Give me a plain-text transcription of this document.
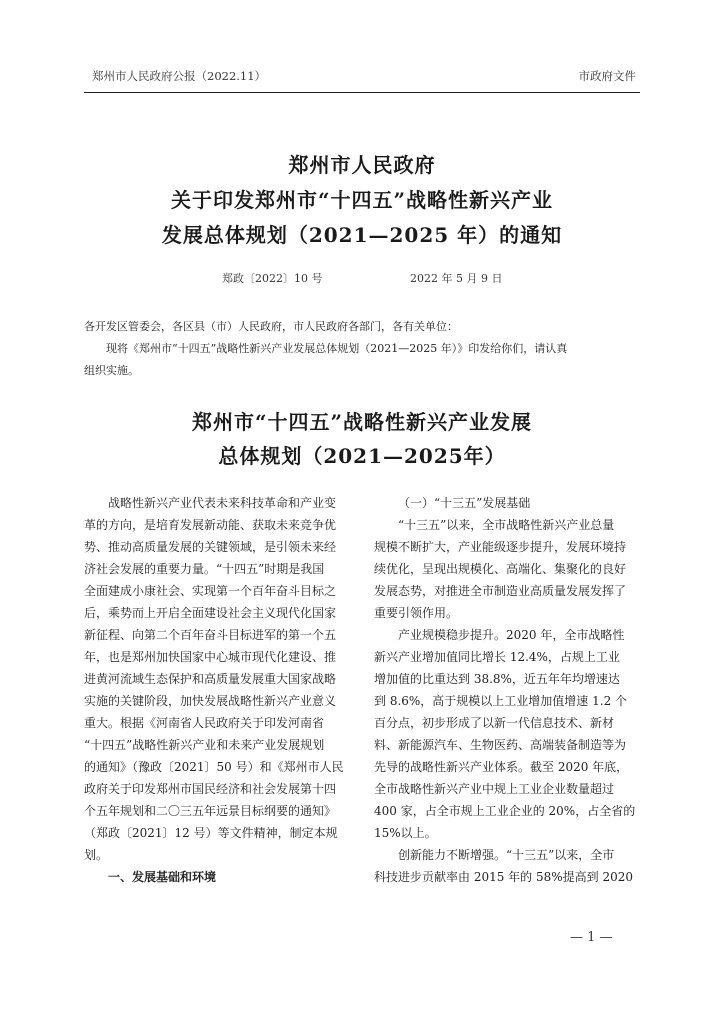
郑州市人民政府公报（2022.11）	市政府文件
郑州市人民政府
关于印发郑州市“十四五”战略性新兴产业
发展总体规划（2021—2025 年）的通知
郑政〔2022〕10 号	2022 年 5 月 9 日
各开发区管委会，各区县（市）人民政府，市人民政府各部门，各有关单位：

现将《郑州市“十四五”战略性新兴产业发展总体规划（2021—2025 年）》印发给你们，请认真

组织实施。

郑州市“十四五”战略性新兴产业发展
总体规划（2021—2025年）
战略性新兴产业代表未来科技革命和产业变
革的方向，是培育发展新动能、获取未来竞争优
势、推动高质量发展的关键领域，是引领未来经
济社会发展的重要力量。“十四五”时期是我国
全面建成小康社会、实现第一个百年奋斗目标之
后，乘势而上开启全面建设社会主义现代化国家
新征程、向第二个百年奋斗目标进军的第一个五
年，也是郑州加快国家中心城市现代化建设、推
进黄河流域生态保护和高质量发展重大国家战略
实施的关键阶段，加快发展战略性新兴产业意义
重大。根据《河南省人民政府关于印发河南省
“十四五”战略性新兴产业和未来产业发展规划
的通知》（豫政〔2021〕50 号）和《郑州市人民
政府关于印发郑州市国民经济和社会发展第十四
个五年规划和二〇三五年远景目标纲要的通知》
（郑政〔2021〕12 号）等文件精神，制定本规
划。
一、发展基础和环境
（一）“十三五”发展基础
“十三五”以来，全市战略性新兴产业总量
规模不断扩大，产业能级逐步提升，发展环境持
续优化，呈现出规模化、高端化、集聚化的良好
发展态势，对推进全市制造业高质量发展发挥了
重要引领作用。
产业规模稳步提升。2020 年，全市战略性
新兴产业增加值同比增长 12.4%，占规上工业
增加值的比重达到 38.8%，近五年年均增速达
到 8.6%，高于规模以上工业增加值增速 1.2 个
百分点，初步形成了以新一代信息技术、新材
料、新能源汽车、生物医药、高端装备制造等为
先导的战略性新兴产业体系。截至 2020 年底，
全市战略性新兴产业中规上工业企业数量超过
400 家，占全市规上工业企业的 20%，占全省的
15%以上。
创新能力不断增强。“十三五”以来，全市
科技进步贡献率由 2015 年的 58%提高到 2020
— 1 —
